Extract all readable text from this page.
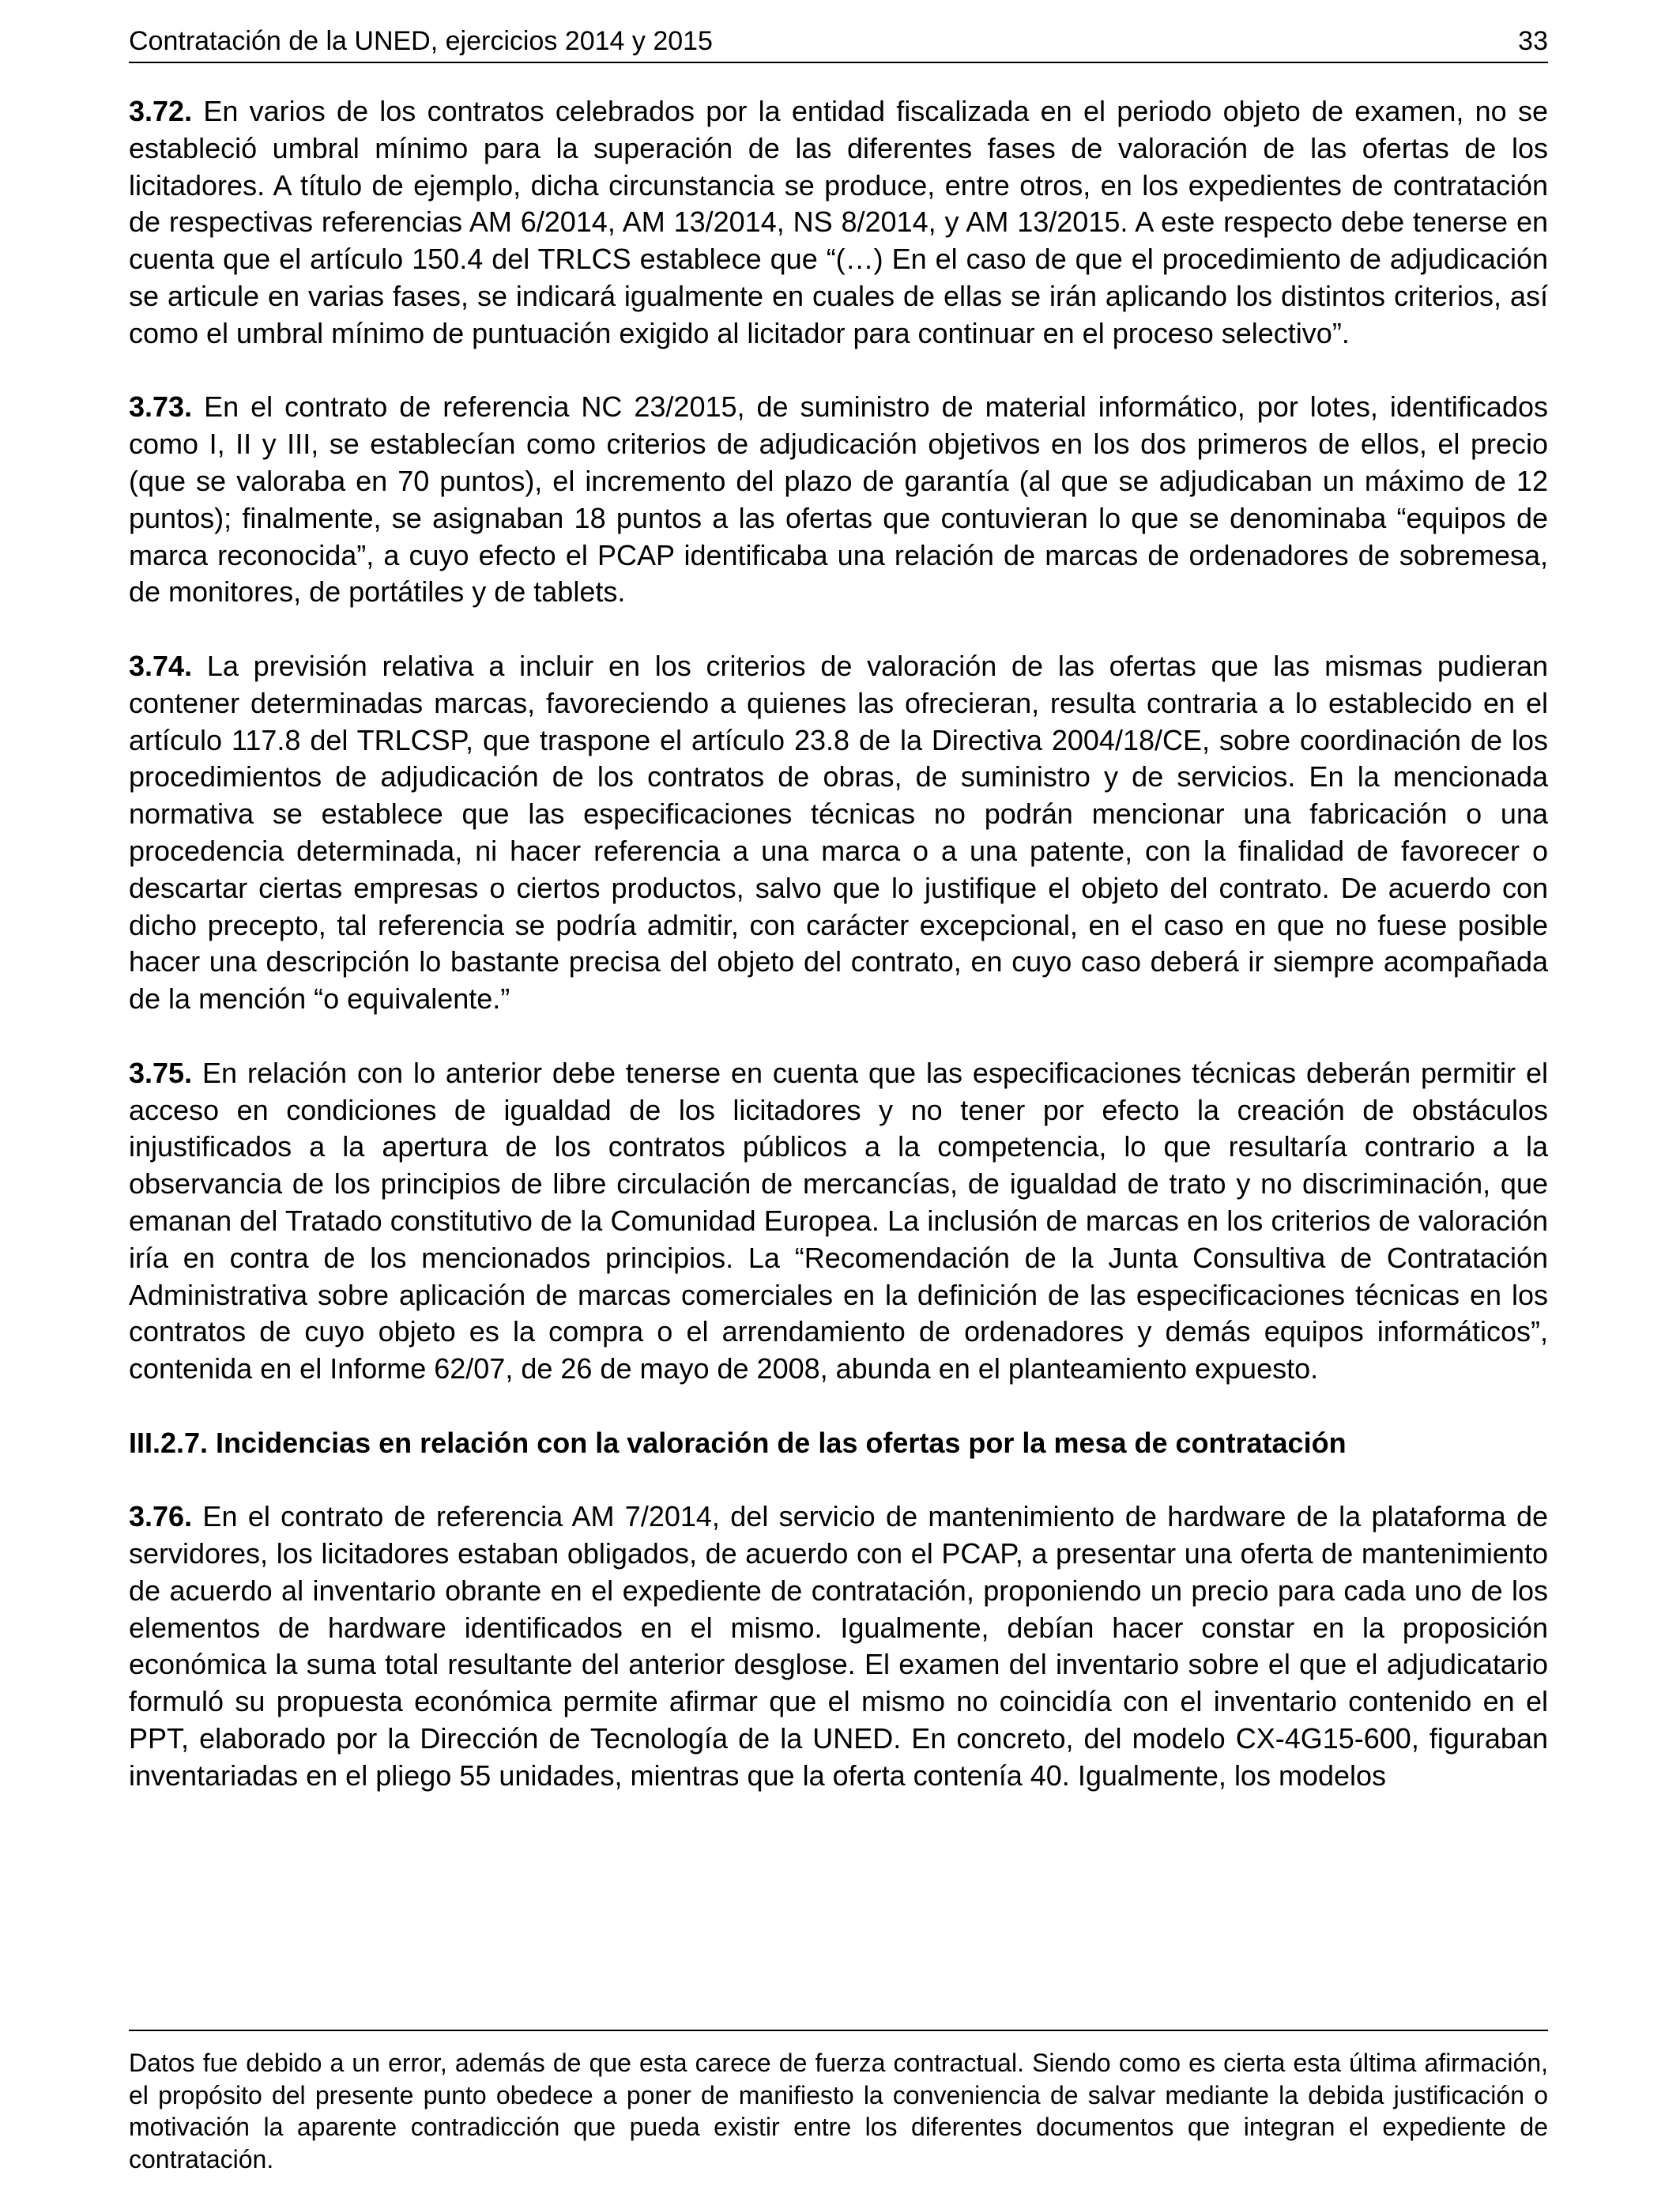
Contratación de la UNED, ejercicios 2014 y 2015	33

3.72. En varios de los contratos celebrados por la entidad fiscalizada en el periodo objeto de examen, no se estableció umbral mínimo para la superación de las diferentes fases de valoración de las ofertas de los licitadores. A título de ejemplo, dicha circunstancia se produce, entre otros, en los expedientes de contratación de respectivas referencias AM 6/2014, AM 13/2014, NS 8/2014, y AM 13/2015. A este respecto debe tenerse en cuenta que el artículo 150.4 del TRLCS establece que “(…) En el caso de que el procedimiento de adjudicación se articule en varias fases, se indicará igualmente en cuales de ellas se irán aplicando los distintos criterios, así como el umbral mínimo de puntuación exigido al licitador para continuar en el proceso selectivo”.

3.73. En el contrato de referencia NC 23/2015, de suministro de material informático, por lotes, identificados como I, II y III, se establecían como criterios de adjudicación objetivos en los dos primeros de ellos, el precio (que se valoraba en 70 puntos), el incremento del plazo de garantía (al que se adjudicaban un máximo de 12 puntos); finalmente, se asignaban 18 puntos a las ofertas que contuvieran lo que se denominaba “equipos de marca reconocida”, a cuyo efecto el PCAP identificaba una relación de marcas de ordenadores de sobremesa, de monitores, de portátiles y de tablets.

3.74. La previsión relativa a incluir en los criterios de valoración de las ofertas que las mismas pudieran contener determinadas marcas, favoreciendo a quienes las ofrecieran, resulta contraria a lo establecido en el artículo 117.8 del TRLCSP, que traspone el artículo 23.8 de la Directiva 2004/18/CE, sobre coordinación de los procedimientos de adjudicación de los contratos de obras, de suministro y de servicios. En la mencionada normativa se establece que las especificaciones técnicas no podrán mencionar una fabricación o una procedencia determinada, ni hacer referencia a una marca o a una patente, con la finalidad de favorecer o descartar ciertas empresas o ciertos productos, salvo que lo justifique el objeto del contrato. De acuerdo con dicho precepto, tal referencia se podría admitir, con carácter excepcional, en el caso en que no fuese posible hacer una descripción lo bastante precisa del objeto del contrato, en cuyo caso deberá ir siempre acompañada de la mención “o equivalente.”

3.75. En relación con lo anterior debe tenerse en cuenta que las especificaciones técnicas deberán permitir el acceso en condiciones de igualdad de los licitadores y no tener por efecto la creación de obstáculos injustificados a la apertura de los contratos públicos a la competencia, lo que resultaría contrario a la observancia de los principios de libre circulación de mercancías, de igualdad de trato y no discriminación, que emanan del Tratado constitutivo de la Comunidad Europea. La inclusión de marcas en los criterios de valoración iría en contra de los mencionados principios. La “Recomendación de la Junta Consultiva de Contratación Administrativa sobre aplicación de marcas comerciales en la definición de las especificaciones técnicas en los contratos de cuyo objeto es la compra o el arrendamiento de ordenadores y demás equipos informáticos”, contenida en el Informe 62/07, de 26 de mayo de 2008, abunda en el planteamiento expuesto.

III.2.7. Incidencias en relación con la valoración de las ofertas por la mesa de contratación

3.76. En el contrato de referencia AM 7/2014, del servicio de mantenimiento de hardware de la plataforma de servidores, los licitadores estaban obligados, de acuerdo con el PCAP, a presentar una oferta de mantenimiento de acuerdo al inventario obrante en el expediente de contratación, proponiendo un precio para cada uno de los elementos de hardware identificados en el mismo. Igualmente, debían hacer constar en la proposición económica la suma total resultante del anterior desglose. El examen del inventario sobre el que el adjudicatario formuló su propuesta económica permite afirmar que el mismo no coincidía con el inventario contenido en el PPT, elaborado por la Dirección de Tecnología de la UNED. En concreto, del modelo CX-4G15-600, figuraban inventariadas en el pliego 55 unidades, mientras que la oferta contenía 40. Igualmente, los modelos

Datos fue debido a un error, además de que esta carece de fuerza contractual. Siendo como es cierta esta última afirmación, el propósito del presente punto obedece a poner de manifiesto la conveniencia de salvar mediante la debida justificación o motivación la aparente contradicción que pueda existir entre los diferentes documentos que integran el expediente de contratación.
